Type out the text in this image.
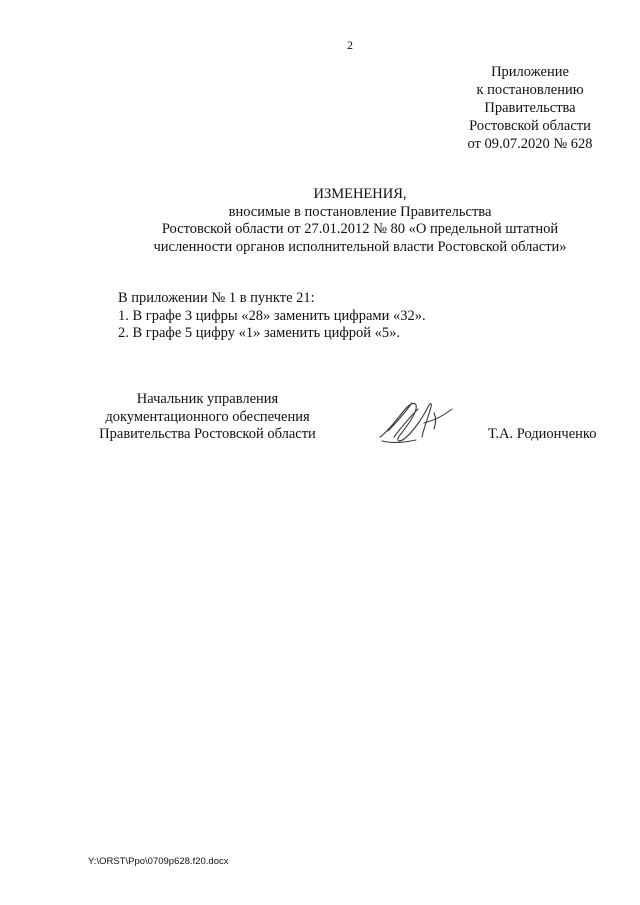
2
Приложение
к постановлению
Правительства
Ростовской области
от 09.07.2020 № 628
ИЗМЕНЕНИЯ,
вносимые в постановление Правительства
Ростовской области от 27.01.2012 № 80 «О предельной штатной
численности органов исполнительной власти Ростовской области»
В приложении № 1 в пункте 21:
1. В графе 3 цифры «28» заменить цифрами «32».
2. В графе 5 цифру «1» заменить цифрой «5».
Начальник управления
документационного обеспечения
Правительства Ростовской области	Т.А. Родионченко
Y:\ORST\Ppo\0709p628.f20.docx
